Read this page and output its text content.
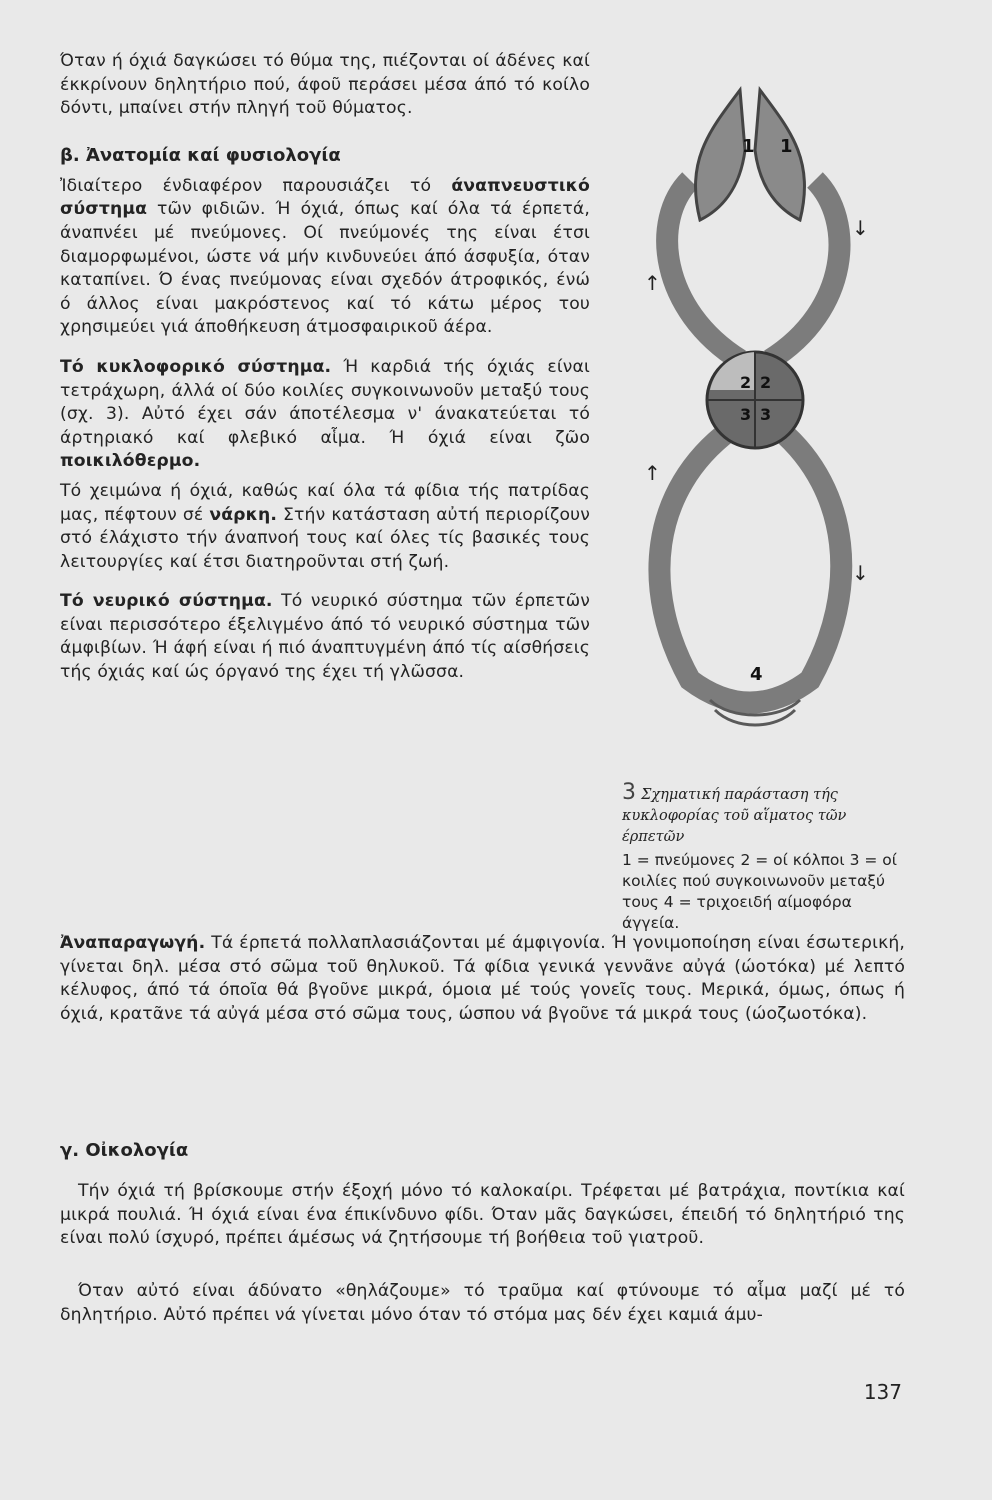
Όταν ή όχιά δαγκώσει τό θύμα της, πιέζονται οί άδένες καί έκκρίνουν δηλητήριο πού, άφοῦ περάσει μέσα άπό τό κοίλο δόντι, μπαίνει στήν πληγή τοῦ θύματος.

β. Ἀνατομία καί φυσιολογία

Ἰδιαίτερο ένδιαφέρον παρουσιάζει τό άναπνευστικό σύστημα τῶν φιδιῶν. Ή όχιά, όπως καί όλα τά έρπετά, άναπνέει μέ πνεύμονες. Οί πνεύμονές της είναι έτσι διαμορφωμένοι, ώστε νά μήν κινδυνεύει άπό άσφυξία, όταν καταπίνει. Ό ένας πνεύμονας είναι σχεδόν άτροφικός, ένώ ό άλλος είναι μακρόστενος καί τό κάτω μέρος του χρησιμεύει γιά άποθήκευση άτμοσφαιρικοῦ άέρα.

Τό κυκλοφορικό σύστημα. Ή καρδιά τής όχιάς είναι τετράχωρη, άλλά οί δύο κοιλίες συγκοινωνοῦν μεταξύ τους (σχ. 3). Αὐτό έχει σάν άποτέλεσμα ν' άνακατεύεται τό άρτηριακό καί φλεβικό αἷμα. Ή όχιά είναι ζῶο ποικιλόθερμο.

Τό χειμώνα ή όχιά, καθώς καί όλα τά φίδια τής πατρίδας μας, πέφτουν σέ νάρκη. Στήν κατάσταση αὐτή περιορίζουν στό έλάχιστο τήν άναπνοή τους καί όλες τίς βασικές τους λειτουργίες καί έτσι διατηροῦνται στή ζωή.

Τό νευρικό σύστημα. Τό νευρικό σύστημα τῶν έρπετῶν είναι περισσότερο έξελιγμένο άπό τό νευρικό σύστημα τῶν άμφιβίων. Ή άφή είναι ή πιό άναπτυγμένη άπό τίς αίσθήσεις τής όχιάς καί ώς όργανό της έχει τή γλῶσσα.

Ἀναπαραγωγή. Τά έρπετά πολλαπλασιάζονται μέ άμφιγονία. Ή γονιμοποίηση είναι έσωτερική, γίνεται δηλ. μέσα στό σῶμα τοῦ θηλυκοῦ. Τά φίδια γενικά γεννᾶνε αὐγά (ώοτόκα) μέ λεπτό κέλυφος, άπό τά όποῖα θά βγοῦνε μικρά, όμοια μέ τούς γονεῖς τους. Μερικά, όμως, όπως ή όχιά, κρατᾶνε τά αὐγά μέσα στό σῶμα τους, ώσπου νά βγοῦνε τά μικρά τους (ώοζωοτόκα).

γ. Οἰκολογία

Τήν όχιά τή βρίσκουμε στήν έξοχή μόνο τό καλοκαίρι. Τρέφεται μέ βατράχια, ποντίκια καί μικρά πουλιά. Ή όχιά είναι ένα έπικίνδυνο φίδι. Όταν μᾶς δαγκώσει, έπειδή τό δηλητήριό της είναι πολύ ίσχυρό, πρέπει άμέσως νά ζητήσουμε τή βοήθεια τοῦ γιατροῦ.

Όταν αὐτό είναι άδύνατο «θηλάζουμε» τό τραῦμα καί φτύνουμε τό αἷμα μαζί μέ τό δηλητήριο. Αὐτό πρέπει νά γίνεται μόνο όταν τό στόμα μας δέν έχει καμιά άμυ-

1 1
2 2
3 3
↑
↑
↓
↓
4
3 Σχηματική παράσταση τής κυκλοφορίας τοῦ αἵματος τῶν έρπετῶν
1 = πνεύμονες 2 = οί κόλποι 3 = οί κοιλίες πού συγκοινωνοῦν μεταξύ τους 4 = τριχοειδή αίμοφόρα άγγεία.
137
